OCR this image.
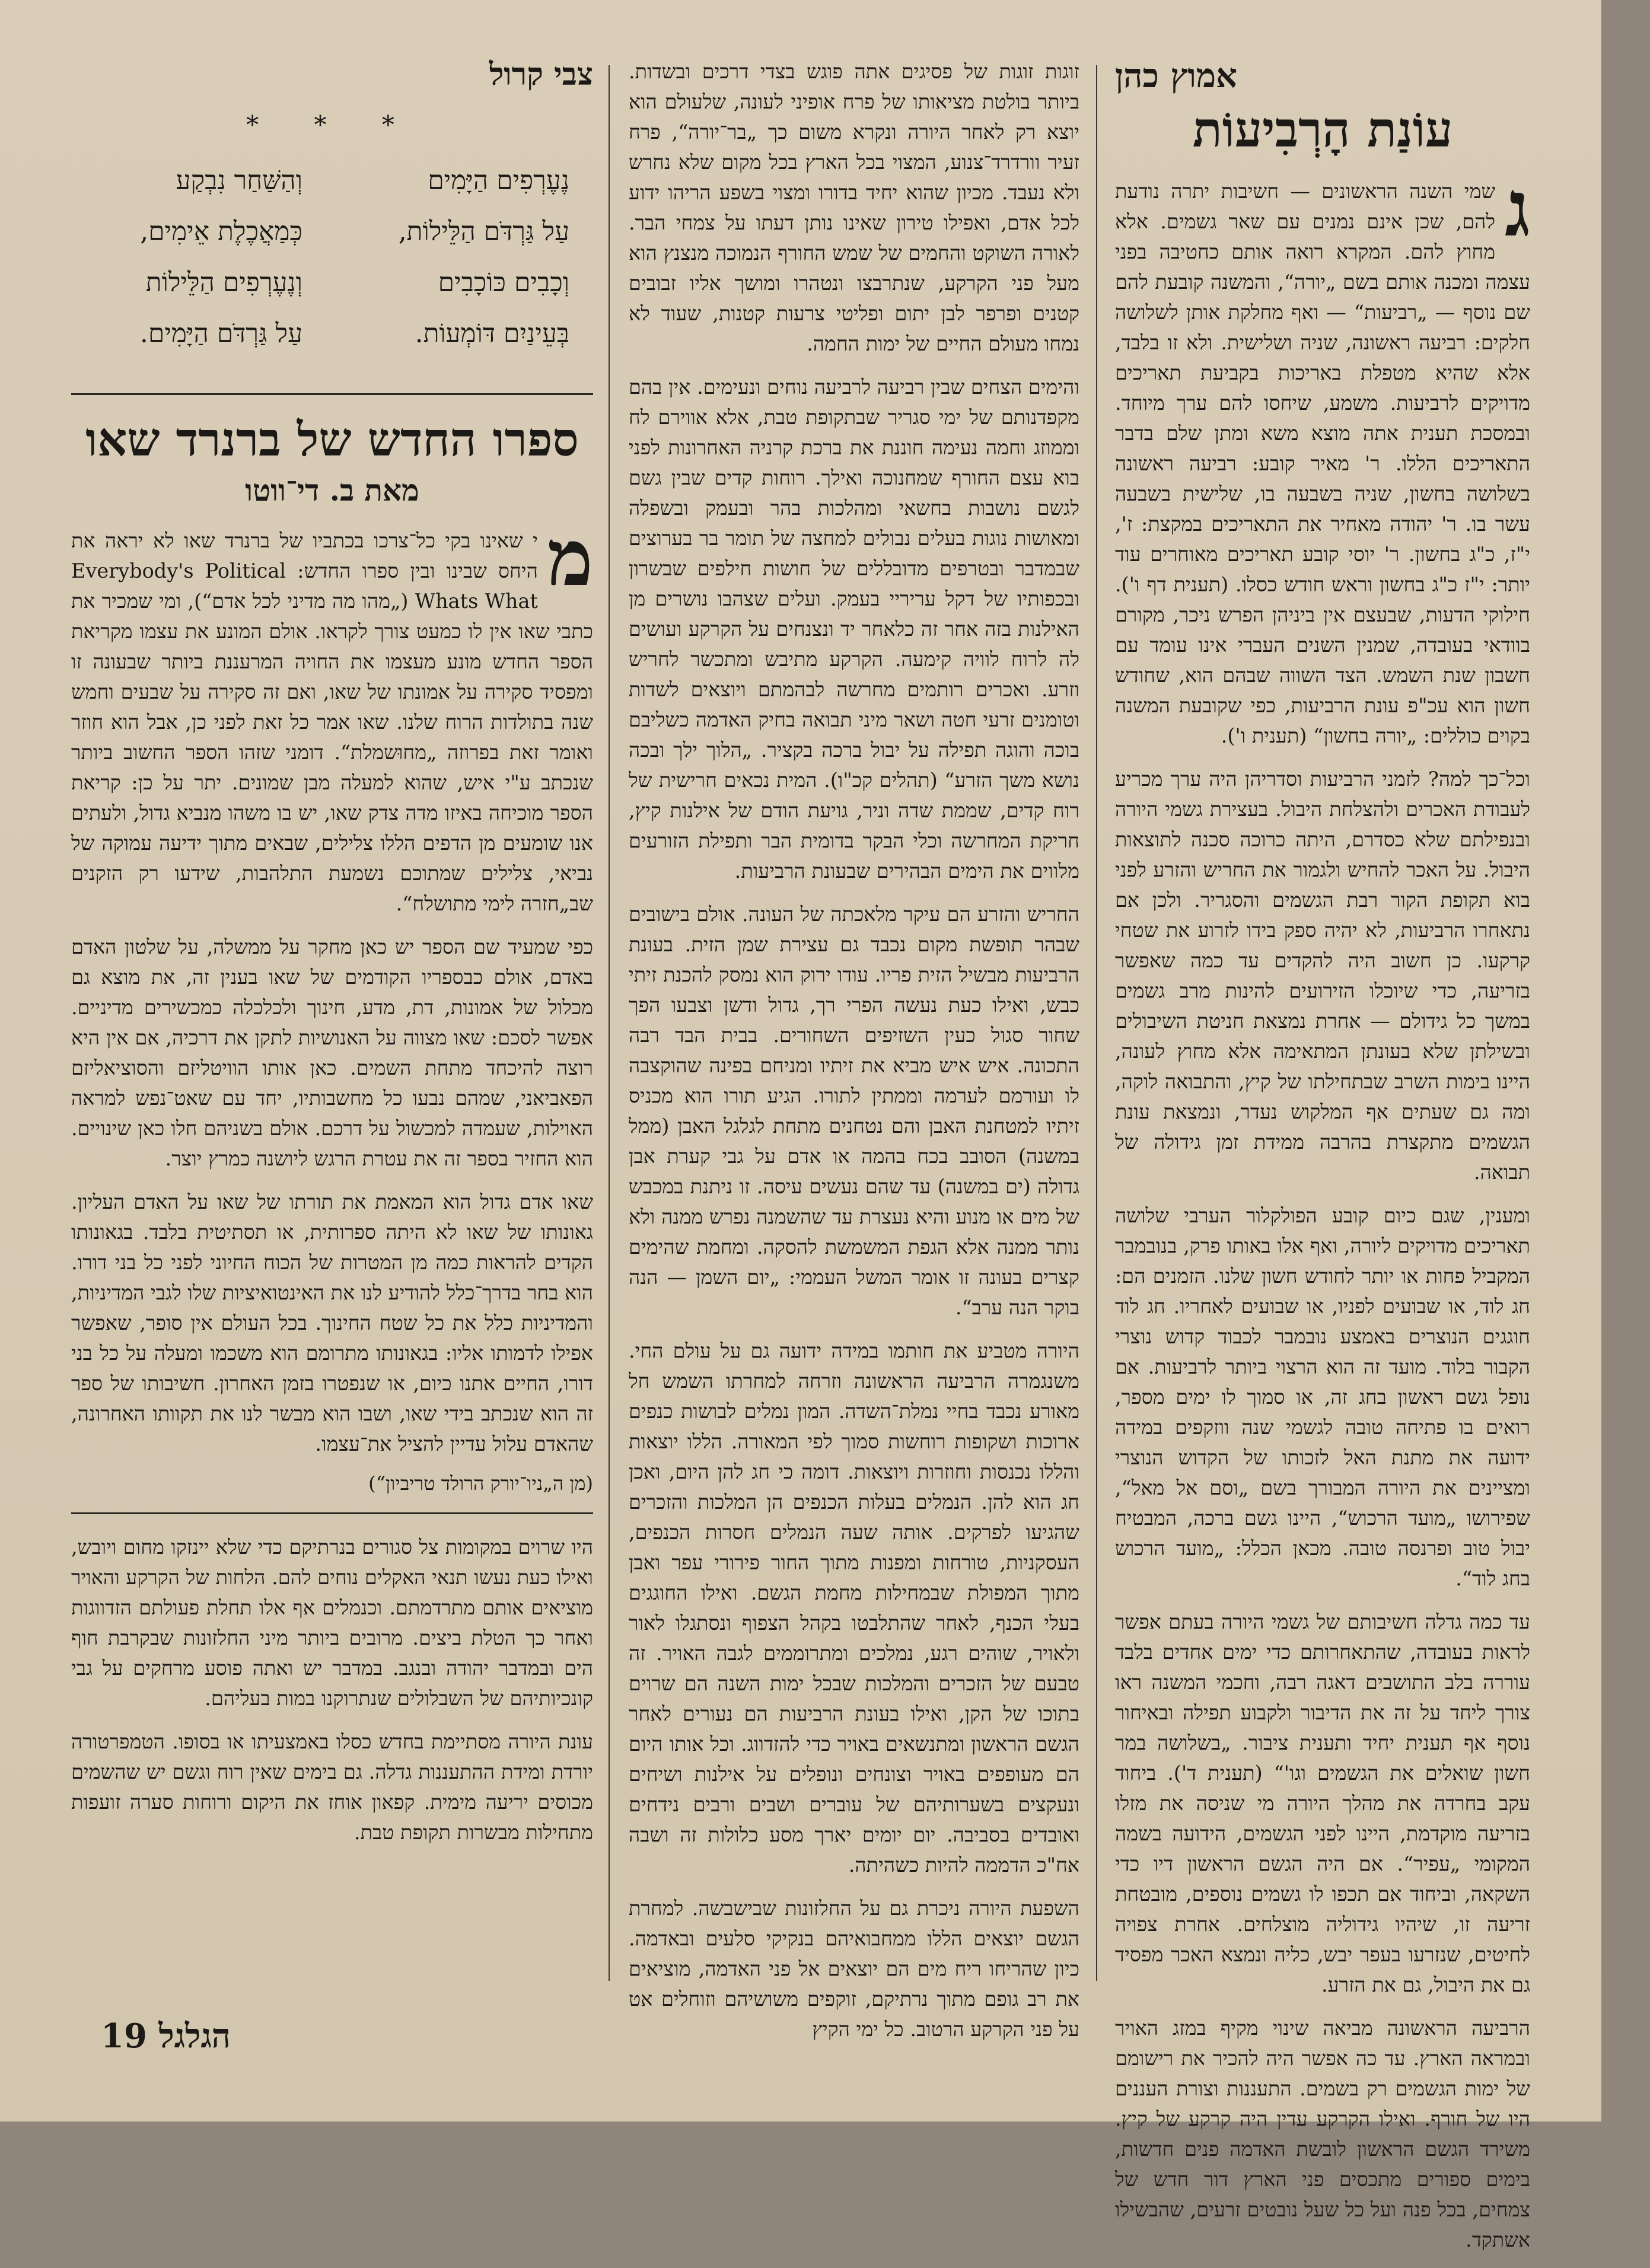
אמוץ כהן
עוֹנַת הָרְבִיעוֹת

ג
שמי השנה הראשונים — חשיבות יתרה נודעת להם, שכן אינם נמנים עם שאר גשמים. אלא מחוץ להם. המקרא רואה אותם כחטיבה בפני עצמה ומכנה אותם בשם „יורה“, והמשנה קובעת להם שם נוסף — „רביעות“ — ואף מחלקת אותן לשלושה חלקים: רביעה ראשונה, שניה ושלישית. ולא זו בלבד, אלא שהיא מטפלת באריכות בקביעת תאריכים מדויקים לרביעות. משמע, שיחסו להם ערך מיוחד. ובמסכת תענית אתה מוצא משא ומתן שלם בדבר התאריכים הללו. ר' מאיר קובע: רביעה ראשונה בשלושה בחשון, שניה בשבעה בו, שלישית בשבעה עשר בו. ר' יהודה מאחיר את התאריכים במקצת: ז', י"ז, כ"ג בחשון. ר' יוסי קובע תאריכים מאוחרים עוד יותר: י"ז כ"ג בחשון וראש חודש כסלו. (תענית דף ו'). חילוקי הדעות, שבעצם אין ביניהן הפרש ניכר, מקורם בוודאי בעובדה, שמנין השנים העברי אינו עומד עם חשבון שנת השמש. הצד השווה שבהם הוא, שחודש חשון הוא עכ"פ עונת הרביעות, כפי שקובעת המשנה בקוים כוללים: „יורה בחשון“ (תענית ו').

וכל־כך למה? לזמני הרביעות וסדריהן היה ערך מכריע לעבודת האכרים ולהצלחת היבול. בעצירת גשמי היורה ובנפילתם שלא כסדרם, היתה כרוכה סכנה לתוצאות היבול. על האכר להחיש ולגמור את החריש והזרע לפני בוא תקופת הקור רבת הגשמים והסגריר. ולכן אם נתאחרו הרביעות, לא יהיה ספק בידו לזרוע את שטחי קרקעו. כן חשוב היה להקדים עד כמה שאפשר בזריעה, כדי שיוכלו הזירועים להינות מרב גשמים במשך כל גידולם — אחרת נמצאת חניטת השיבולים ובשילתן שלא בעונתן המתאימה אלא מחוץ לעונה, היינו בימות השרב שבתחילתו של קיץ, והתבואה לוקה, ומה גם שעתים אף המלקוש נעדר, ונמצאת עונת הגשמים מתקצרת בהרבה ממידת זמן גידולה של תבואה.

ומענין, שגם כיום קובע הפולקלור הערבי שלושה תאריכים מדויקים ליורה, ואף אלו באותו פרק, בנובמבר המקביל פחות או יותר לחודש חשון שלנו. הזמנים הם: חג לוד, או שבועים לפניו, או שבועים לאחריו. חג לוד חוגגים הנוצרים באמצע נובמבר לכבוד קדוש נוצרי הקבור בלוד. מועד זה הוא הרצוי ביותר לרביעות. אם נופל גשם ראשון בחג זה, או סמוך לו ימים מספר, רואים בו פתיחה טובה לגשמי שנה ווזקפים במידה ידועה את מתנת האל לזכותו של הקדוש הנוצרי ומציינים את היורה המבורך בשם „וסם אל מאל“, שפירושו „מועד הרכוש“, היינו גשם ברכה, המבטיח יבול טוב ופרנסה טובה. מכאן הכלל: „מועד הרכוש בחג לוד“.

עד כמה גדלה חשיבותם של גשמי היורה בעתם אפשר לראות בעובדה, שהתאחרותם כדי ימים אחדים בלבד עוררה בלב התושבים דאגה רבה, וחכמי המשנה ראו צורך ליחד על זה את הדיבור ולקבוע תפילה ובאיחור נוסף אף תענית יחיד ותענית ציבור. „בשלושה במר חשון שואלים את הגשמים וגו'“ (תענית ד'). ביחוד עקב בחרדה את מהלך היורה מי שניסה את מזלו בזריעה מוקדמת, היינו לפני הגשמים, הידועה בשמה המקומי „עפיר“. אם היה הגשם הראשון דיו כדי השקאה, וביחוד אם תכפו לו גשמים נוספים, מובטחת זריעה זו, שיהיו גידוליה מוצלחים. אחרת צפויה לחיטים, שנזרעו בעפר יבש, כליה ונמצא האכר מפסיד גם את היבול, גם את הזרע.

הרביעה הראשונה מביאה שינוי מקיף במזג האויר ובמראה הארץ. עד כה אפשר היה להכיר את רישומם של ימות הגשמים רק בשמים. התעננות וצורת העננים היו של חורף. ואילו הקרקע עדין היה קרקע של קיץ. משירד הגשם הראשון לובשת האדמה פנים חדשות, בימים ספורים מתכסים פני הארץ דור חדש של צמחים, בכל פנה ועל כל שעל נובטים זרעים, שהבשילו אשתקד.

זוגות זוגות של פסיגים אתה פוגש בצדי דרכים ובשדות. ביותר בולטת מציאותו של פרח אופיני לעונה, שלעולם הוא יוצא רק לאחר היורה ונקרא משום כך „בר־יורה“, פרח זעיר וורדרד־צנוע, המצוי בכל הארץ בכל מקום שלא נחרש ולא נעבד. מכיון שהוא יחיד בדורו ומצוי בשפע הריהו ידוע לכל אדם, ואפילו טירון שאינו נותן דעתו על צמחי הבר. לאורה השוקט והחמים של שמש החורף הנמוכה מנצנץ הוא מעל פני הקרקע, שנתרבצו ונטהרו ומושך אליו זבובים קטנים ופרפר לבן יתום ופליטי צרעות קטנות, שעוד לא נמחו מעולם החיים של ימות החמה.

והימים הצחים שבין רביעה לרביעה נוחים ונעימים. אין בהם מקפדנותם של ימי סגריר שבתקופת טבת, אלא אווירם לח וממוזג וחמה נעימה חוננת את ברכת קרניה האחרונות לפני בוא עצם החורף שמחנוכה ואילך. רוחות קדים שבין גשם לגשם נושבות בחשאי ומהלכות בהר ובעמק ובשפלה ומאושות נוגות בעלים נבולים למחצה של תומר בר בערוצים שבמדבר ובטרפים מדובללים של חושות חילפים שבשרון ובכפותיו של דקל עריריי בעמק. ועלים שצהבו נושרים מן האילנות בזה אחר זה כלאחר יד ונצנחים על הקרקע ועושים לה לרוח לוויה קימעה. הקרקע מתיבש ומתכשר לחריש וזרע. ואכרים רותמים מחרשה לבהמתם ויוצאים לשדות וטומנים זרעי חטה ושאר מיני תבואה בחיק האדמה כשליבם בוכה והוגה תפילה על יבול ברכה בקציר. „הלוך ילך ובכה נושא משך הזרע“ (תהלים קכ"ו). המית נכאים חרישית של רוח קדים, שממת שדה וניר, גויעת הודם של אילנות קיץ, חריקת המחרשה וכלי הבקר בדומית הבר ותפילת הזורעים מלווים את הימים הבהירים שבעונת הרביעות.

החריש והזרע הם עיקר מלאכתה של העונה. אולם בישובים שבהר תופשת מקום נכבד גם עצירת שמן הזית. בעונת הרביעות מבשיל הזית פריו. עודו ירוק הוא נמסק להכנת זיתי כבש, ואילו כעת נעשה הפרי רך, גדול ודשן וצבעו הפך שחור סגול כעין השזיפים השחורים. בבית הבד רבה התכונה. איש איש מביא את זיתיו ומניחם בפינה שהוקצבה לו ועורמם לערמה וממתין לתורו. הגיע תורו הוא מכניס זיתיו למטחנת האבן והם נטחנים מתחת לגלגל האבן (ממל במשנה) הסובב בכח בהמה או אדם על גבי קערת אבן גדולה (ים במשנה) עד שהם נעשים עיסה. זו ניתנת במכבש של מים או מנוע והיא נעצרת עד שהשמנה נפרש ממנה ולא נותר ממנה אלא הגפת המשמשת להסקה. ומחמת שהימים קצרים בעונה זו אומר המשל העממי: „יום השמן — הנה בוקר הנה ערב“.

היורה מטביע את חותמו במידה ידועה גם על עולם החי. משנגמרה הרביעה הראשונה וזרחה למחרתו השמש חל מאורע נכבד בחיי נמלת־השדה. המון נמלים לבושות כנפים ארוכות ושקופות רוחשות סמוך לפי המאורה. הללו יוצאות והללו נכנסות וחוזרות ויוצאות. דומה כי חג להן היום, ואכן חג הוא להן. הנמלים בעלות הכנפים הן המלכות והזכרים שהגיעו לפרקים. אותה שעה הנמלים חסרות הכנפים, העסקניות, טורחות ומפנות מתוך החור פירורי עפר ואבן מתוך המפולת שבמחילות מחמת הגשם. ואילו החוגגים בעלי הכנף, לאחר שהתלבטו בקהל הצפוף ונסתגלו לאור ולאויר, שוהים רגע, נמלכים ומתרוממים לגבה האויר. זה טבעם של הזכרים והמלכות שבכל ימות השנה הם שרוים בתוכו של הקן, ואילו בעונת הרביעות הם נעורים לאחר הגשם הראשון ומתנשאים באויר כדי להזדווג. וכל אותו היום הם מעופפים באויר וצונחים ונופלים על אילנות ושיחים ונעקצים בשערותיהם של עוברים ושבים ורבים נידחים ואובדים בסביבה. יום יומים יארך מסע כלולות זה ושבה אח"כ הדממה להיות כשהיתה.

השפעת היורה ניכרת גם על החלזונות שבישבשה. למחרת הגשם יוצאים הללו ממחבואיהם בנקיקי סלעים ובאדמה. כיון שהריחו ריח מים הם יוצאים אל פני האדמה, מוציאים את רב גופם מתוך נרתיקם, זוקפים משושיהם וזוחלים אט על פני הקרקע הרטוב. כל ימי הקיץ

צבי קרול
* * *
נֶעֶרְפִים הַיָּמִים
וְהַשַּׁחַר נִבְקַע
עַל גַּרְדֹּם הַלֵּילוֹת,
כְּמַאֲכֶלֶת אֵימִים,
וְכָבִים כּוֹכָבִים
וְנֶעֶרְפִים הַלֵּילוֹת
בְּעֵינַיִם דּוֹמְעוֹת.
עַל גַּרְדֹּם הַיָּמִים.
ספרו החדש של ברנרד שאו
מאת ב. די־ווטו

מ
י שאינו בקי כל־צרכו בכתביו של ברנרד שאו לא יראה את היחס שבינו ובין ספרו החדש: Everybody's Political Whats What („מהו מה מדיני לכל אדם“), ומי שמכיר את כתבי שאו אין לו כמעט צורך לקראו. אולם המונע את עצמו מקריאת הספר החדש מונע מעצמו את החויה המרעננת ביותר שבעונה זו ומפסיד סקירה על אמונתו של שאו, ואם זה סקירה על שבעים וחמש שנה בתולדות הרוח שלנו. שאו אמר כל זאת לפני כן, אבל הוא חוזר ואומר זאת בפרוזה „מחוּשמלת“. דומני שזהו הספר החשוב ביותר שנכתב ע"י איש, שהוא למעלה מבן שמונים. יתר על כן: קריאת הספר מוכיחה באיזו מדה צדק שאו, יש בו משהו מנביא גדול, ולעתים אנו שומעים מן הדפים הללו צלילים, שבאים מתוך ידיעה עמוקה של נביאי, צלילים שמתוכם נשמעת התלהבות, שידעו רק הזקנים שב„חזרה לימי מתושלח“.

כפי שמעיד שם הספר יש כאן מחקר על ממשלה, על שלטון האדם באדם, אולם כבספריו הקודמים של שאו בענין זה, את מוצא גם מכלול של אמונות, דת, מדע, חינוך ולכלכלה כמכשירים מדיניים. אפשר לסכם: שאו מצווה על האנושיות לתקן את דרכיה, אם אין היא רוצה להיכחד מתחת השמים. כאן אותו הוויטליזם והסוציאליזם הפאביאני, שמהם נבעו כל מחשבותיו, יחד עם שאט־נפש למראה האוילות, שעמדה למכשול על דרכם. אולם בשניהם חלו כאן שינויים. הוא החזיר בספר זה את עטרת הרגש ליושנה כמרץ יוצר.

שאו אדם גדול הוא המאמת את תורתו של שאו על האדם העליון. גאונותו של שאו לא היתה ספרותית, או תסתיטית בלבד. בגאונותו הקדים להראות כמה מן המטרות של הכוח החיוני לפני כל בני דורו. הוא בחר בדרך־כלל להודיע לנו את האינטואיציות שלו לגבי המדיניות, והמדיניות כלל את כל שטח החינוך. בכל העולם אין סופר, שאפשר אפילו לדמותו אליו: בגאונותו מתרומם הוא משכמו ומעלה על כל בני דורו, החיים אתנו כיום, או שנפטרו בזמן האחרון. חשיבותו של ספר זה הוא שנכתב בידי שאו, ושבו הוא מבשר לנו את תקוותו האחרונה, שהאדם עלול עדיין להציל את־עצמו.

(מן ה„ניו־יורק הרולד טריביון“)

היו שרוים במקומות צל סגורים בנרתיקם כדי שלא יינזקו מחום ויובש, ואילו כעת נעשו תנאי האקלים נוחים להם. הלחות של הקרקע והאויר מוציאים אותם מתרדמתם. וכנמלים אף אלו תחלת פעולתם הזדווגות ואחר כך הטלת ביצים. מרובים ביותר מיני החלזונות שבקרבת חוף הים ובמדבר יהודה ובנגב. במדבר יש ואתה פוסע מרחקים על גבי קונכיותיהם של השבלולים שנתרוקנו במות בעליהם.

עונת היורה מסתיימת בחדש כסלו באמצעיתו או בסופו. הטמפרטורה יורדת ומידת ההתעננות גדלה. גם בימים שאין רוח וגשם יש שהשמים מכוסים יריעה מימית. קפאון אוחז את היקום ורוחות סערה זועפות מתחילות מבשרות תקופת טבת.

הגלגל 19
